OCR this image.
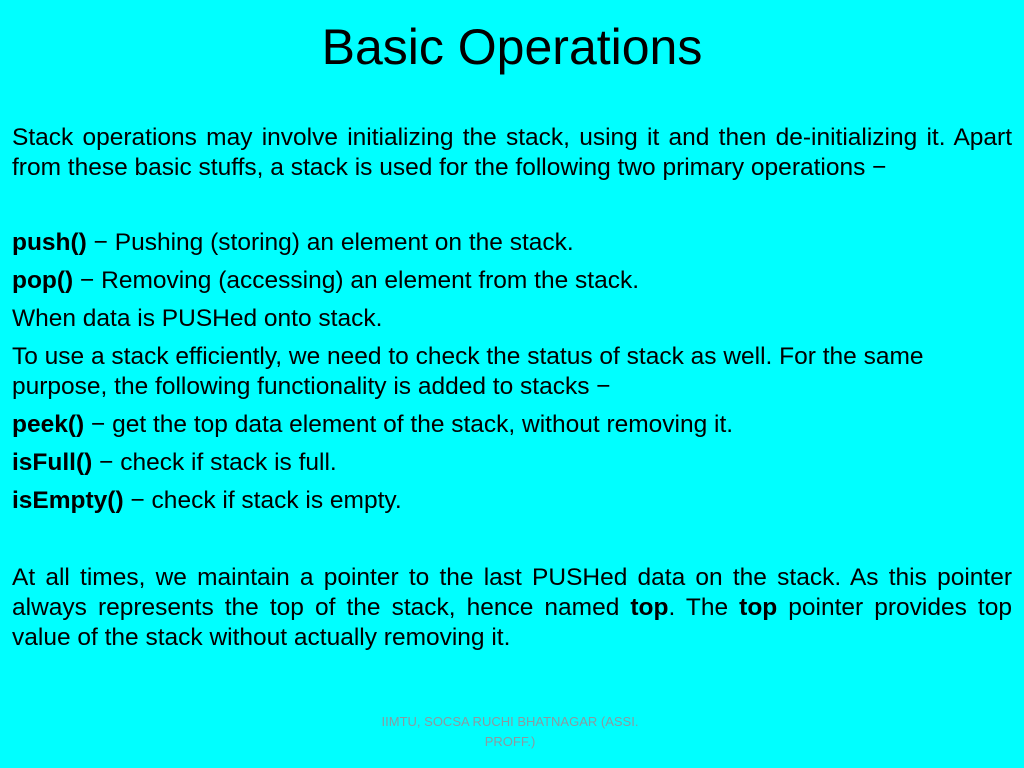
Basic Operations

Stack operations may involve initializing the stack, using it and then de-initializing it. Apart from these basic stuffs, a stack is used for the following two primary operations −

push() − Pushing (storing) an element on the stack.

pop() − Removing (accessing) an element from the stack.

When data is PUSHed onto stack.

To use a stack efficiently, we need to check the status of stack as well. For the same purpose, the following functionality is added to stacks −

peek() − get the top data element of the stack, without removing it.

isFull() − check if stack is full.

isEmpty() − check if stack is empty.

At all times, we maintain a pointer to the last PUSHed data on the stack. As this pointer always represents the top of the stack, hence named top. The top pointer provides top value of the stack without actually removing it.

IIMTU, SOCSA RUCHI BHATNAGAR (ASSI.
PROFF.)
